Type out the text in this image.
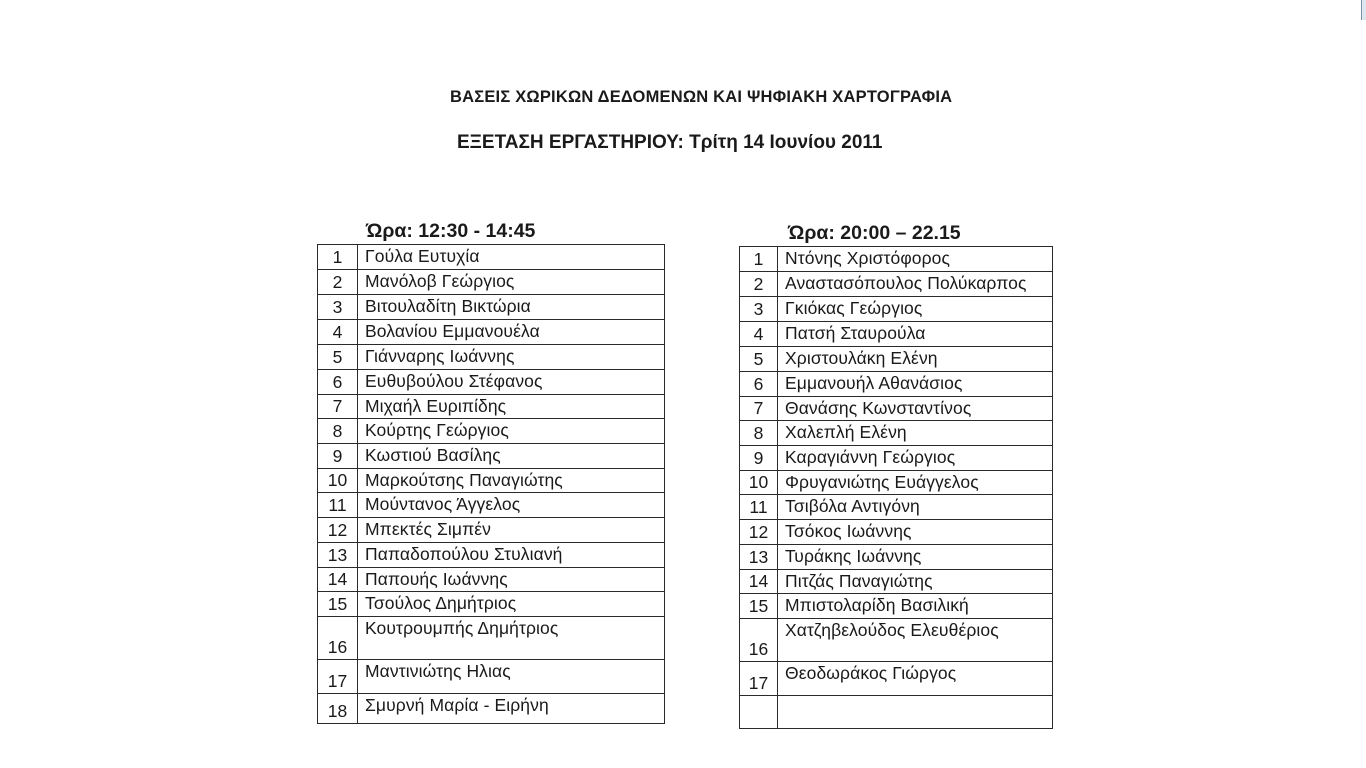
ΒΑΣΕΙΣ ΧΩΡΙΚΩΝ ΔΕΔΟΜΕΝΩΝ ΚΑΙ ΨΗΦΙΑΚΗ ΧΑΡΤΟΓΡΑΦΙΑ
ΕΞΕΤΑΣΗ ΕΡΓΑΣΤΗΡΙΟΥ: Τρίτη 14 Ιουνίου 2011
Ώρα: 12:30 - 14:45
1	Γούλα Ευτυχία
2	Μανόλοβ Γεώργιος
3	Βιτουλαδίτη Βικτώρια
4	Βολανίου Εμμανουέλα
5	Γιάνναρης Ιωάννης
6	Ευθυβούλου Στέφανος
7	Μιχαήλ Ευριπίδης
8	Κούρτης Γεώργιος
9	Κωστιού Βασίλης
10	Μαρκούτσης Παναγιώτης
11	Μούντανος Άγγελος
12	Μπεκτές Σιμπέν
13	Παπαδοπούλου Στυλιανή
14	Παπουής Ιωάννης
15	Τσούλος Δημήτριος
16	Κουτρουμπής Δημήτριος
17	Μαντινιώτης Ηλιας
18	Σμυρνή Μαρία - Ειρήνη
Ώρα: 20:00 – 22.15
1	Ντόνης Χριστόφορος
2	Αναστασόπουλος Πολύκαρπος
3	Γκιόκας Γεώργιος
4	Πατσή Σταυρούλα
5	Χριστουλάκη Ελένη
6	Εμμανουήλ Αθανάσιος
7	Θανάσης Κωνσταντίνος
8	Χαλεπλή Ελένη
9	Καραγιάννη Γεώργιος
10	Φρυγανιώτης Ευάγγελος
11	Τσιβόλα Αντιγόνη
12	Τσόκος Ιωάννης
13	Τυράκης Ιωάννης
14	Πιτζάς Παναγιώτης
15	Μπιστολαρίδη Βασιλική
16	Χατζηβελούδος Ελευθέριος
17	Θεοδωράκος Γιώργος
